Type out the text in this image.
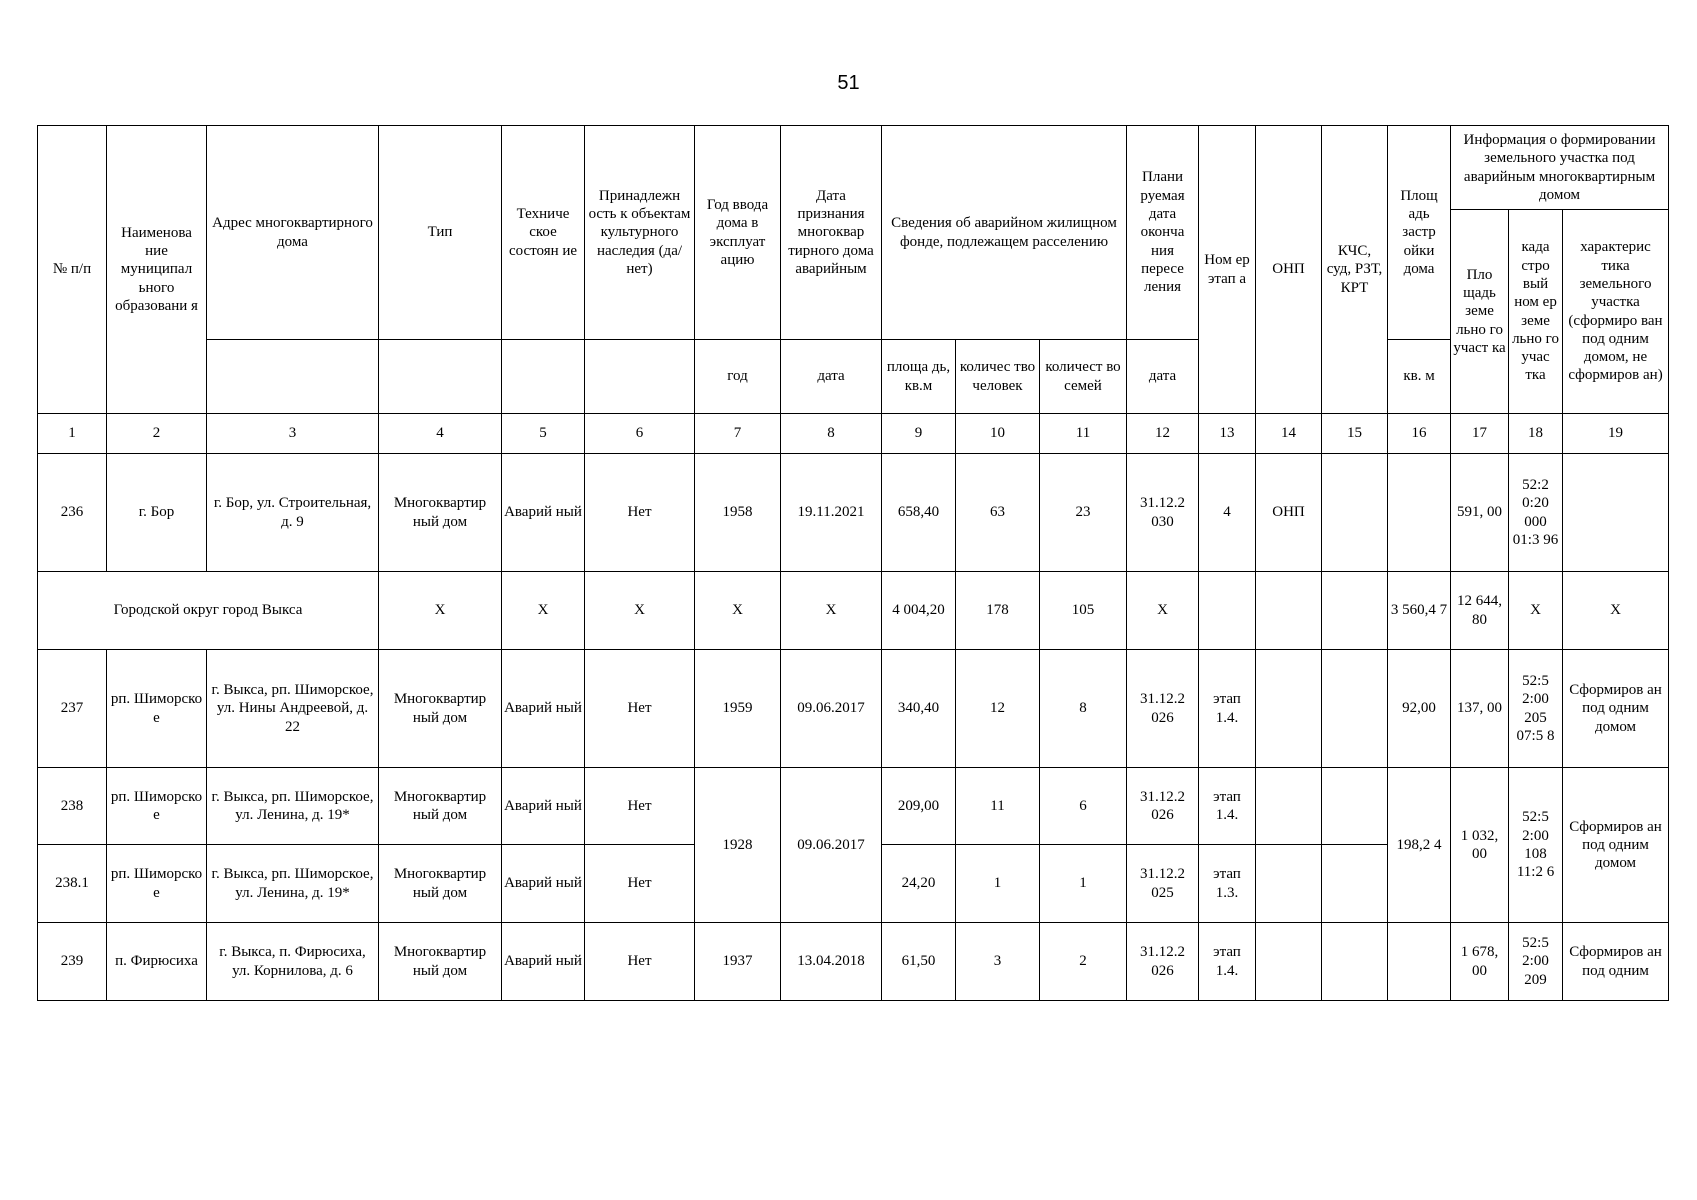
51
№ п/п	Наименова ние муниципал ьного образовани я	Адрес многоквартирного дома	Тип	Техниче ское состоян ие	Принадлежн ость к объектам культурного наследия (да/нет)	Год ввода дома в эксплуат ацию	Дата признания многоквар тирного дома аварийным	Сведения об аварийном жилищном фонде, подлежащем расселению			Плани руемая дата оконча ния пересе ления	Ном ер этап а	ОНП	КЧС, суд, РЗТ, КРТ	Площ адь застр ойки дома	Информация о формировании земельного участка под аварийным многоквартирным домом		
																Пло щадь земе льно го участ ка	када стро вый ном ер земе льно го учас тка	характерис тика земельного участка (сформиро ван под одним домом, не сформиров ан)
						год	дата	площа дь, кв.м	количес тво человек	количест во семей	дата				кв. м			
1	2	3	4	5	6	7	8	9	10	11	12	13	14	15	16	17	18	19
236	г. Бор	г. Бор, ул. Строительная, д. 9	Многоквартир ный дом	Аварий ный	Нет	1958	19.11.2021	658,40	63	23	31.12.2 030	4	ОНП			591, 00	52:2 0:20 000 01:3 96	
Городской округ город Выкса			X	X	X	X	X	4 004,20	178	105	X				3 560,4 7	12 644, 80	X	X
237	рп. Шиморско е	г. Выкса, рп. Шиморское, ул. Нины Андреевой, д. 22	Многоквартир ный дом	Аварий ный	Нет	1959	09.06.2017	340,40	12	8	31.12.2 026	этап 1.4.			92,00	137, 00	52:5 2:00 205 07:5 8	Сформиров ан под одним домом
238	рп. Шиморско е	г. Выкса, рп. Шиморское, ул. Ленина, д. 19*	Многоквартир ный дом	Аварий ный	Нет	1928	09.06.2017	209,00	11	6	31.12.2 026	этап 1.4.			198,2 4	1 032, 00	52:5 2:00 108 11:2 6	Сформиров ан под одним домом
238.1	рп. Шиморско е	г. Выкса, рп. Шиморское, ул. Ленина, д. 19*	Многоквартир ный дом	Аварий ный	Нет			24,20	1	1	31.12.2 025	этап 1.3.						
239	п. Фирюсиха	г. Выкса, п. Фирюсиха, ул. Корнилова, д. 6	Многоквартир ный дом	Аварий ный	Нет	1937	13.04.2018	61,50	3	2	31.12.2 026	этап 1.4.				1 678, 00	52:5 2:00 209	Сформиров ан под одним
